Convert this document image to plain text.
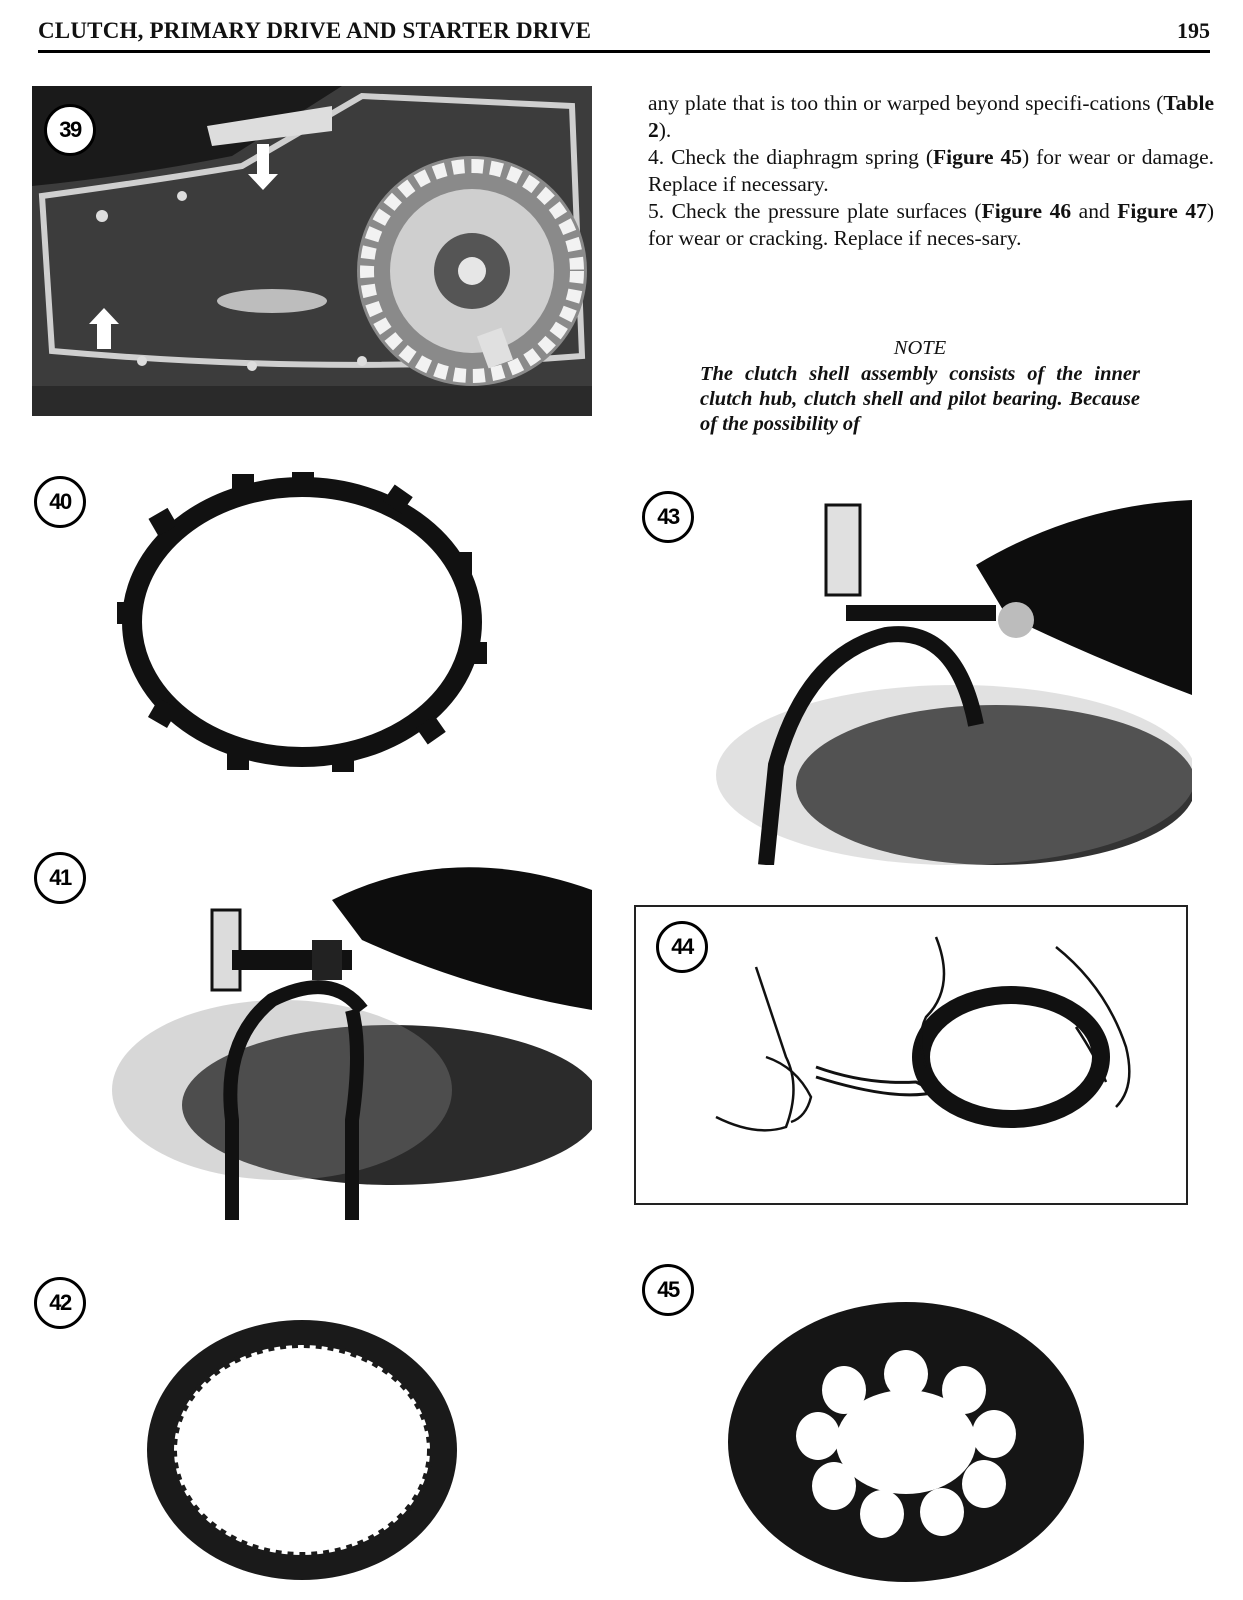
CLUTCH, PRIMARY DRIVE AND STARTER DRIVE	195

any plate that is too thin or warped beyond specifi-cations (Table 2).

4. Check the diaphragm spring (Figure 45) for wear or damage. Replace if necessary.

5. Check the pressure plate surfaces (Figure 46 and Figure 47) for wear or cracking. Replace if neces-sary.

NOTE
The clutch shell assembly consists of the inner clutch hub, clutch shell and pilot bearing. Because of the possibility of
39
40
41
42
43
44
45
